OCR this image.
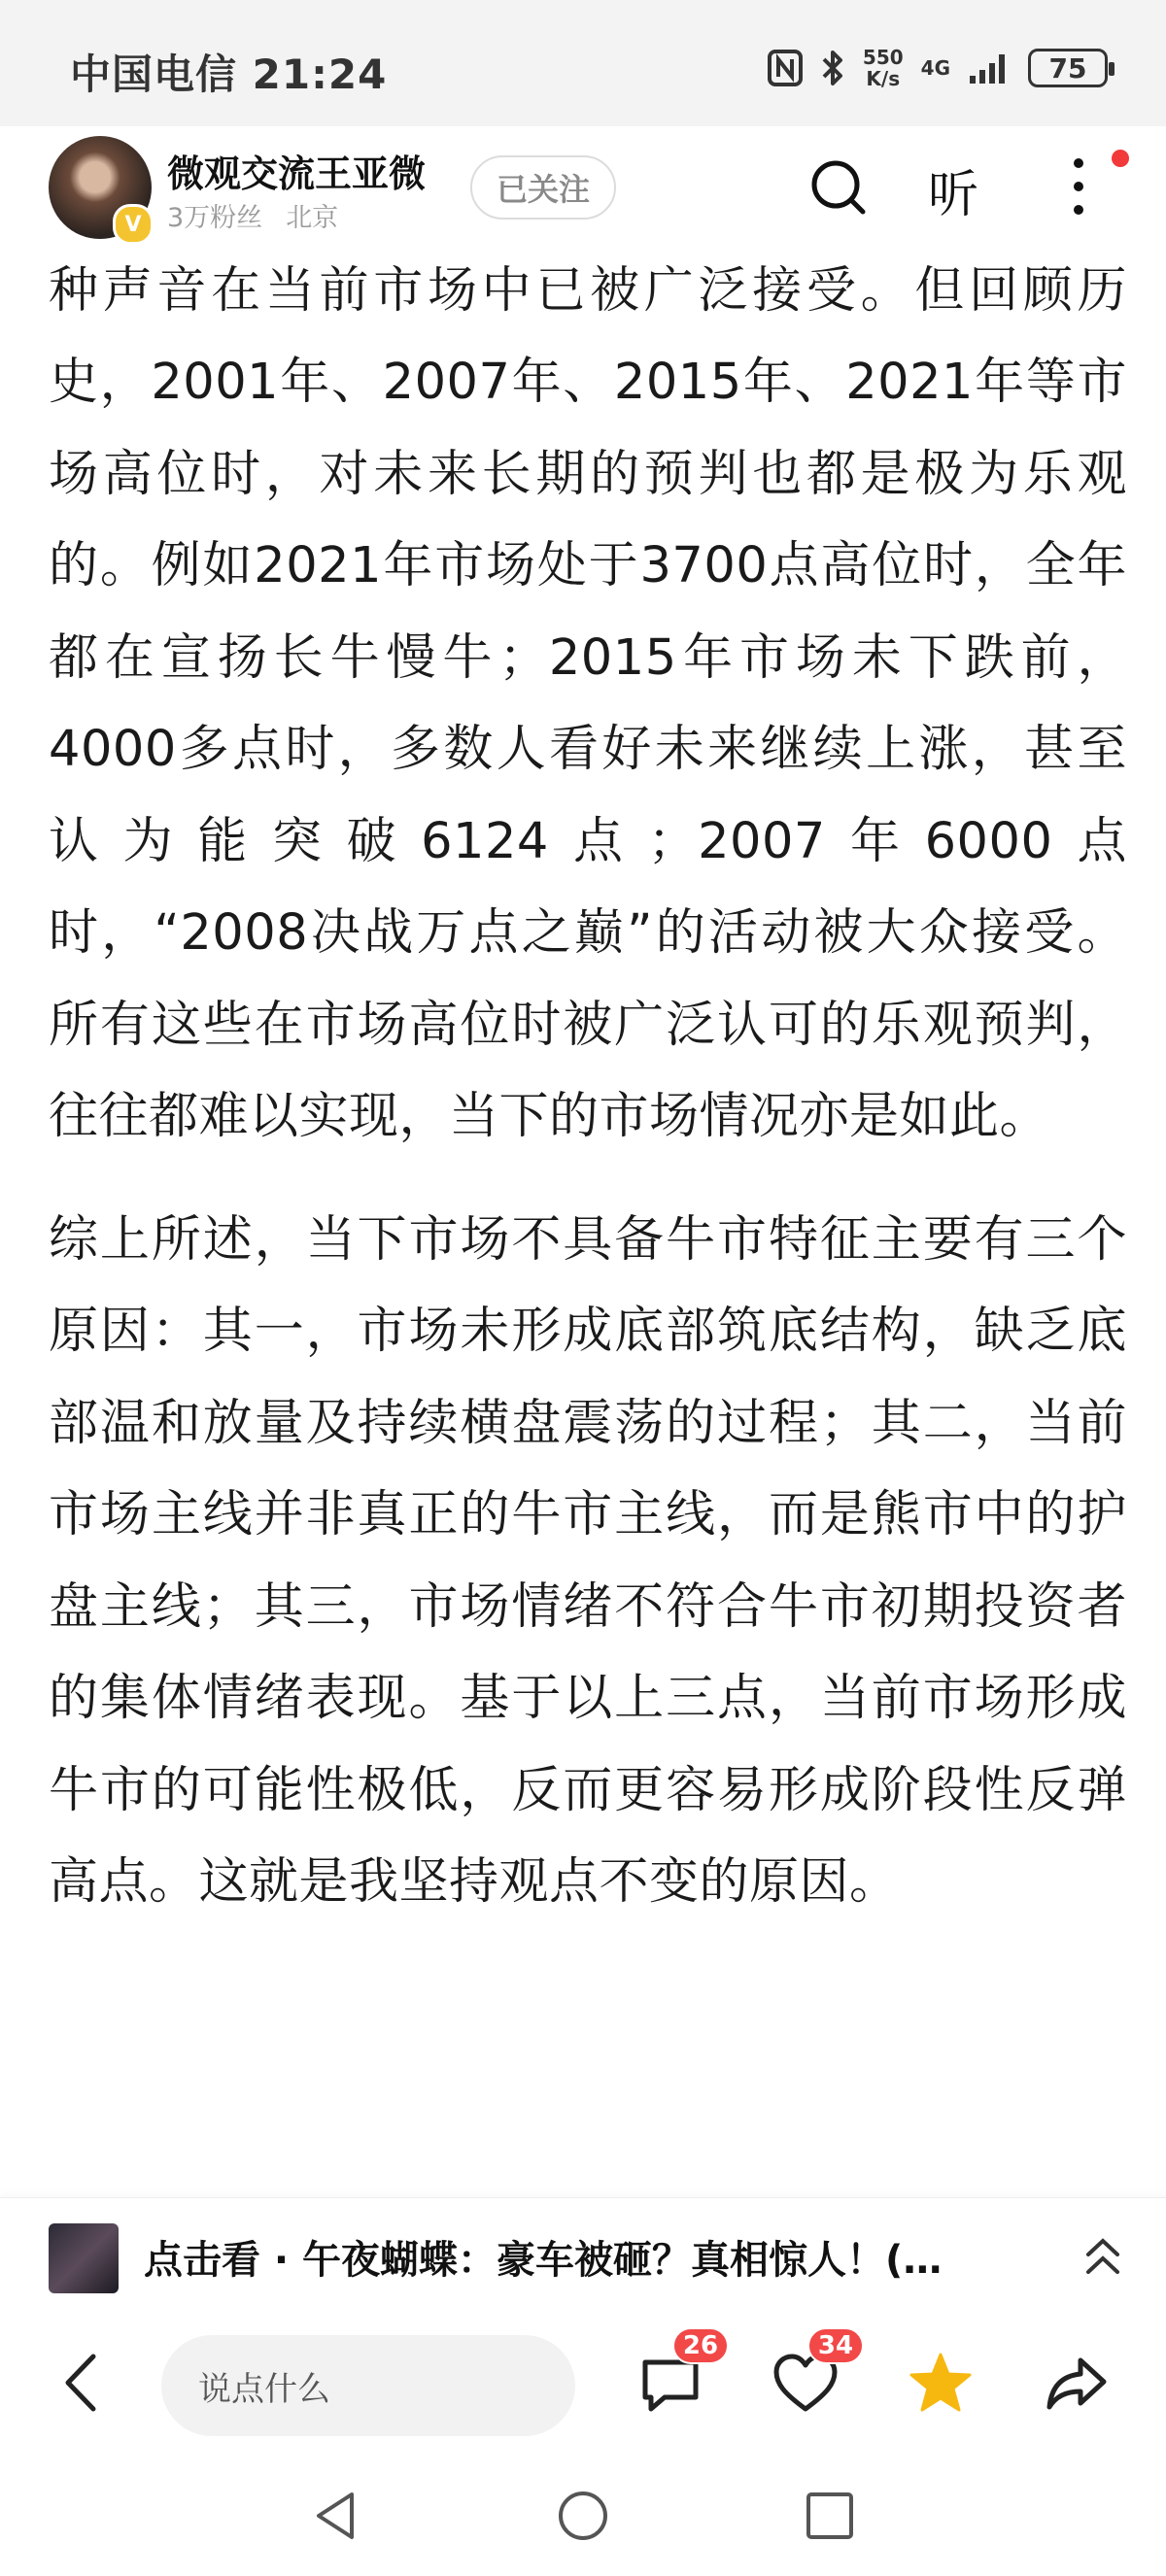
中国电信 21:24	550
K/s 4G	75
V
微观交流王亚微
3万粉丝 北京
已关注	听

种声音在当前市场中已被广泛接受。但回顾历史，2001年、2007年、2015年、2021年等市场高位时，对未来长期的预判也都是极为乐观的。例如2021年市场处于3700点高位时，全年都在宣扬长牛慢牛；2015年市场未下跌前，4000多点时，多数人看好未来继续上涨，甚至认为能突破6124点；2007年6000点时，“2008决战万点之巅”的活动被大众接受。所有这些在市场高位时被广泛认可的乐观预判，往往都难以实现，当下的市场情况亦是如此。

综上所述，当下市场不具备牛市特征主要有三个原因：其一，市场未形成底部筑底结构，缺乏底部温和放量及持续横盘震荡的过程；其二，当前市场主线并非真正的牛市主线，而是熊市中的护盘主线；其三，市场情绪不符合牛市初期投资者的集体情绪表现。基于以上三点，当前市场形成牛市的可能性极低，反而更容易形成阶段性反弹高点。这就是我坚持观点不变的原因。

点击看 · 午夜蝴蝶：豪车被砸？真相惊人！(…
说点什么
26	34
